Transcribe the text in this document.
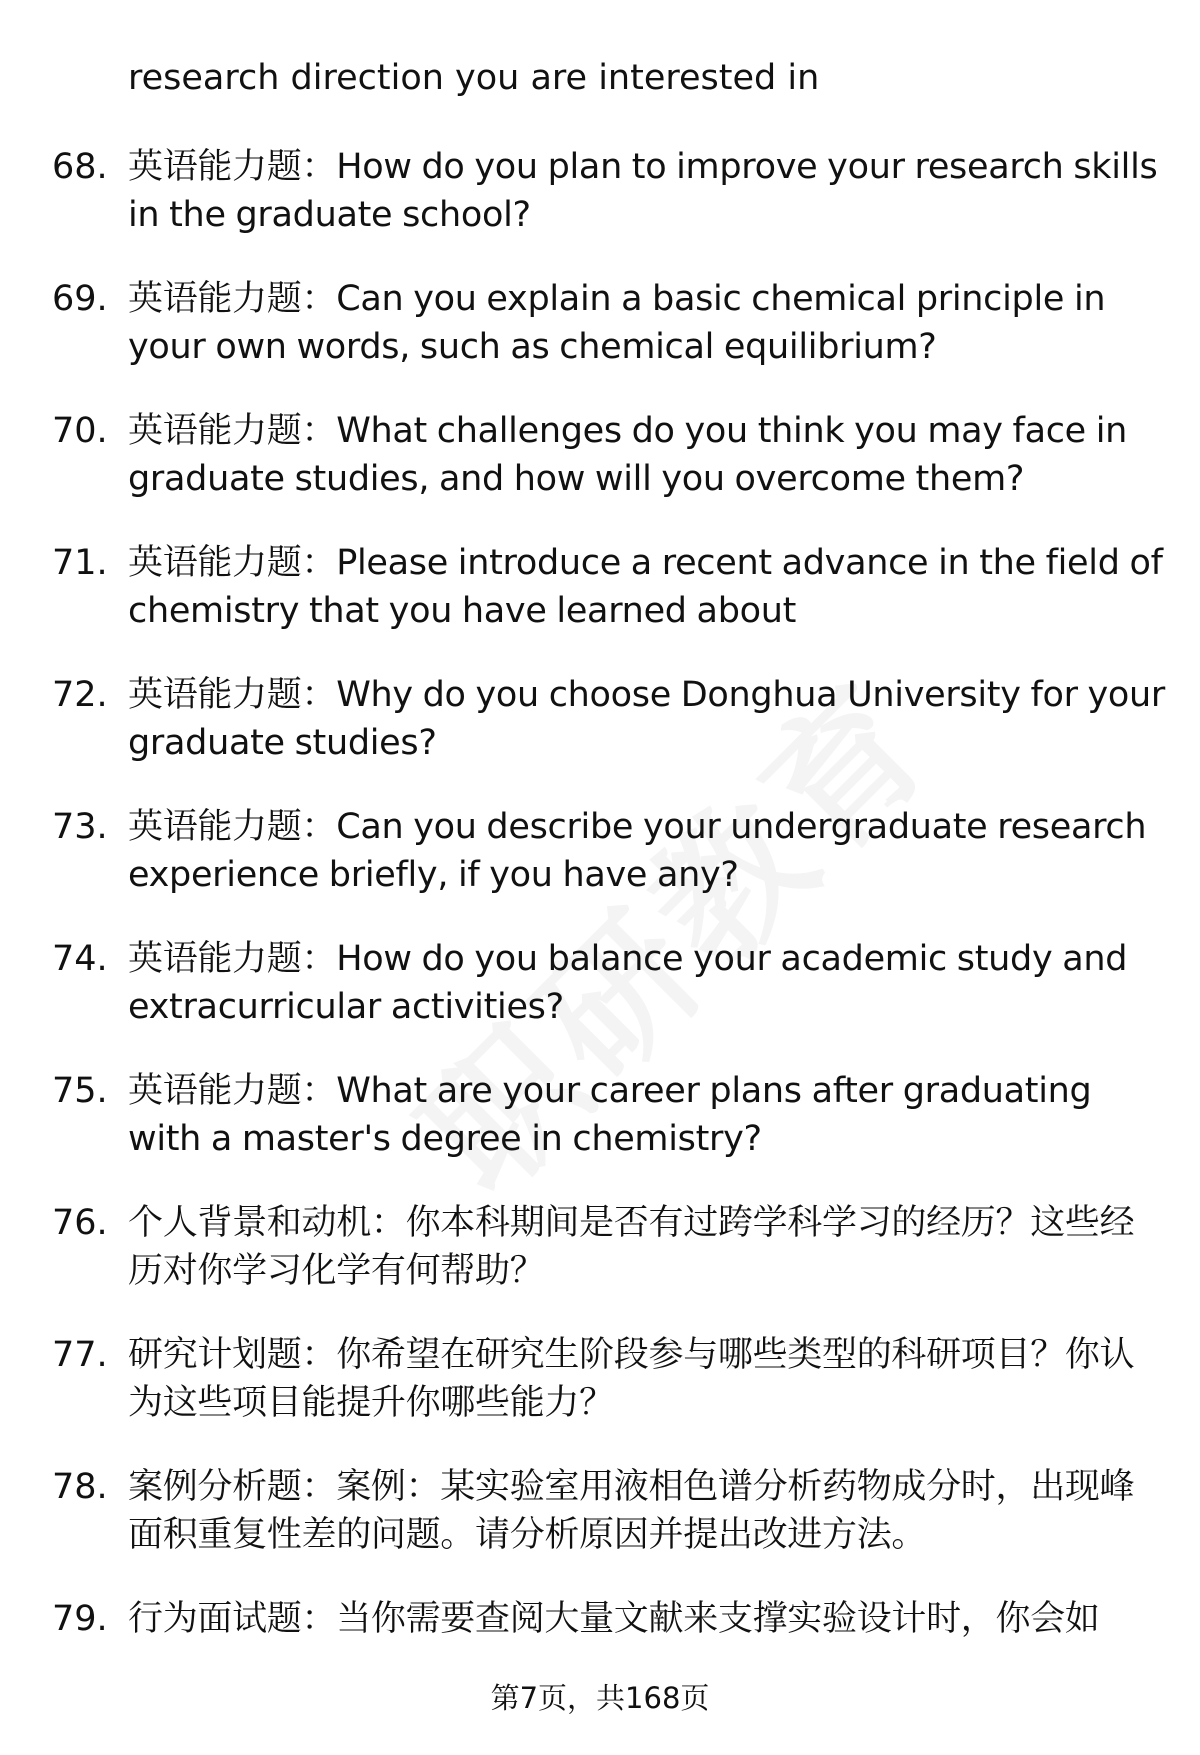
research direction you are interested in
68. 英语能力题：How do you plan to improve your research skills in the graduate school?
69. 英语能力题：Can you explain a basic chemical principle in your own words, such as chemical equilibrium?
70. 英语能力题：What challenges do you think you may face in graduate studies, and how will you overcome them?
71. 英语能力题：Please introduce a recent advance in the field of chemistry that you have learned about
72. 英语能力题：Why do you choose Donghua University for your graduate studies?
73. 英语能力题：Can you describe your undergraduate research experience briefly, if you have any?
74. 英语能力题：How do you balance your academic study and extracurricular activities?
75. 英语能力题：What are your career plans after graduating with a master's degree in chemistry?
76. 个人背景和动机：你本科期间是否有过跨学科学习的经历？这些经历对你学习化学有何帮助？
77. 研究计划题：你希望在研究生阶段参与哪些类型的科研项目？你认为这些项目能提升你哪些能力？
78. 案例分析题：案例：某实验室用液相色谱分析药物成分时，出现峰面积重复性差的问题。请分析原因并提出改进方法。
79. 行为面试题：当你需要查阅大量文献来支撑实验设计时，你会如
第7页，共168页
